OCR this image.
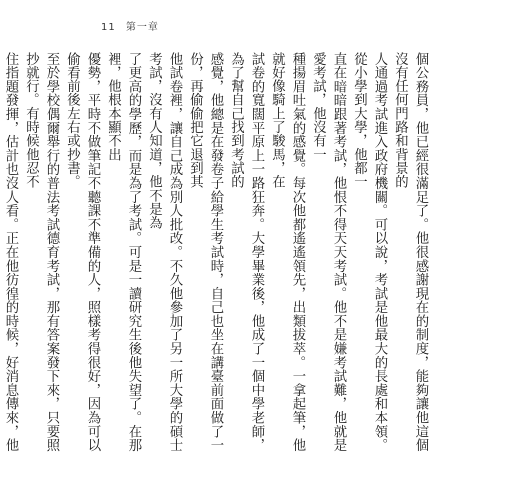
11 第一章

個公務員，他已經很滿足了。他很感謝現在的制度，能夠讓他這個沒有任何門路和背景的

人通過考試進入政府機關。可以說，考試是他最大的長處和本領。從小學到大學，他都一

直在暗暗跟著考試，他恨不得天天考試。他不是嫌考試難，他就是愛考試，他沒有一

種揚眉吐氣的感覺。每次他都遙遙領先，出類拔萃。一拿起筆，他就好像騎上了駿馬，在

試卷的寬闊平原上一路狂奔。大學畢業後，他成了一個中學老師，為了幫自己找到考試的

感覺，他總是在發卷子給學生考試時，自己也坐在講臺前面做了一份，再偷偷把它退到其

他試卷裡，讓自己成為別人批改。不久他參加了另一所大學的碩士考試，沒有人知道，他不是為

了更高的學歷，而是為了考試。可是一讀研究生後他失望了。在那裡，他根本顯不出

優勢，平時不做筆記不聽課不準備的人，照樣考得很好，因為可以偷看前後左右或抄書。

至於學校偶爾舉行的普法考試德育考試，那有答案發下來，只要照抄就行。有時候他忍不

住指題發揮，估計也沒人看。正在他彷徨的時候，好消息傳來，他
